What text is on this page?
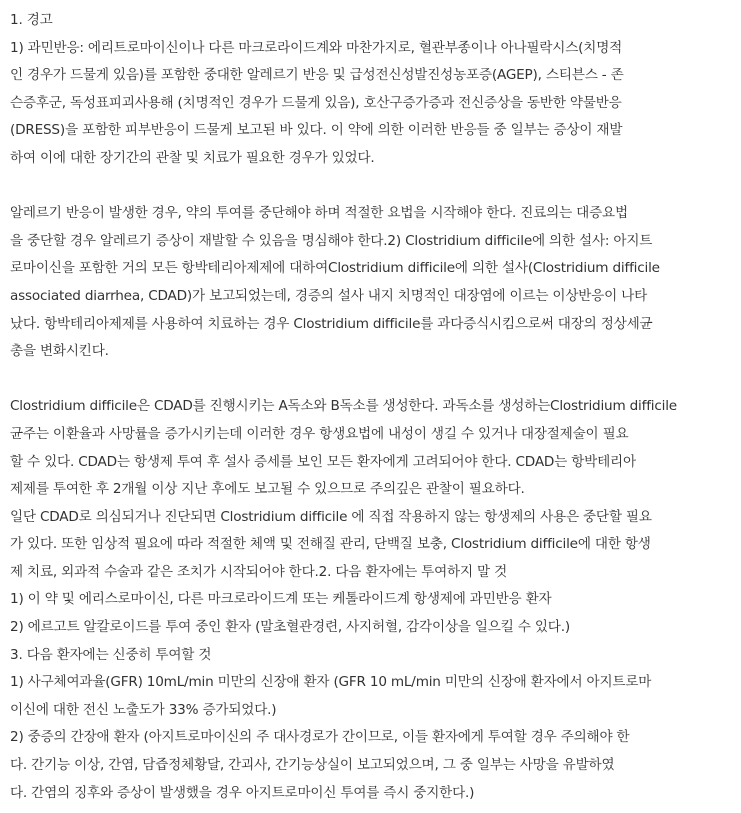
1. 경고
1) 과민반응: 에리트로마이신이나 다른 마크로라이드계와 마찬가지로, 혈관부종이나 아나필락시스(치명적
인 경우가 드물게 있음)를 포함한 중대한 알레르기 반응 및 급성전신성발진성농포증(AGEP), 스티븐스 - 존
슨증후군, 독성표피괴사용해 (치명적인 경우가 드물게 있음), 호산구증가증과 전신증상을 동반한 약물반응
(DRESS)을 포함한 피부반응이 드물게 보고된 바 있다. 이 약에 의한 이러한 반응들 중 일부는 증상이 재발
하여 이에 대한 장기간의 관찰 및 치료가 필요한 경우가 있었다.
알레르기 반응이 발생한 경우, 약의 투여를 중단해야 하며 적절한 요법을 시작해야 한다. 진료의는 대증요법
을 중단할 경우 알레르기 증상이 재발할 수 있음을 명심해야 한다.2) Clostridium difficile에 의한 설사: 아지트
로마이신을 포함한 거의 모든 항박테리아제제에 대하여Clostridium difficile에 의한 설사(Clostridium difficile
associated diarrhea, CDAD)가 보고되었는데, 경증의 설사 내지 치명적인 대장염에 이르는 이상반응이 나타
났다. 항박테리아제제를 사용하여 치료하는 경우 Clostridium difficile를 과다증식시킴으로써 대장의 정상세균
총을 변화시킨다.
Clostridium difficile은 CDAD를 진행시키는 A독소와 B독소를 생성한다. 과독소를 생성하는Clostridium difficile
균주는 이환율과 사망률을 증가시키는데 이러한 경우 항생요법에 내성이 생길 수 있거나 대장절제술이 필요
할 수 있다. CDAD는 항생제 투여 후 설사 증세를 보인 모든 환자에게 고려되어야 한다. CDAD는 항박테리아
제제를 투여한 후 2개월 이상 지난 후에도 보고될 수 있으므로 주의깊은 관찰이 필요하다.
일단 CDAD로 의심되거나 진단되면 Clostridium difficile 에 직접 작용하지 않는 항생제의 사용은 중단할 필요
가 있다. 또한 임상적 필요에 따라 적절한 체액 및 전해질 관리, 단백질 보충, Clostridium difficile에 대한 항생
제 치료, 외과적 수술과 같은 조치가 시작되어야 한다.2. 다음 환자에는 투여하지 말 것
1) 이 약 및 에리스로마이신, 다른 마크로라이드계 또는 케톨라이드계 항생제에 과민반응 환자
2) 에르고트 알칼로이드를 투여 중인 환자 (말초혈관경련, 사지허혈, 감각이상을 일으킬 수 있다.)
3. 다음 환자에는 신중히 투여할 것
1) 사구체여과율(GFR) 10mL/min 미만의 신장애 환자 (GFR 10 mL/min 미만의 신장애 환자에서 아지트로마
이신에 대한 전신 노출도가 33% 증가되었다.)
2) 중증의 간장애 환자 (아지트로마이신의 주 대사경로가 간이므로, 이들 환자에게 투여할 경우 주의해야 한
다. 간기능 이상, 간염, 담즙정체황달, 간괴사, 간기능상실이 보고되었으며, 그 중 일부는 사망을 유발하였
다. 간염의 징후와 증상이 발생했을 경우 아지트로마이신 투여를 즉시 중지한다.)
